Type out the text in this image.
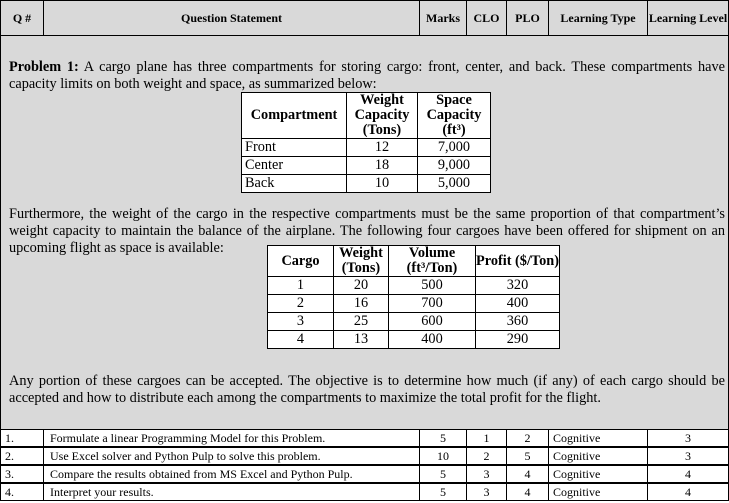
Q #	Question Statement	Marks	CLO	PLO	Learning Type	Learning Level
Problem 1: A cargo plane has three compartments for storing cargo: front, center, and back. These compartments have capacity limits on both weight and space, as summarized below:
Compartment	Weight Capacity (Tons)	Space Capacity (ft³)
Front	12	7,000
Center	18	9,000
Back	10	5,000
Furthermore, the weight of the cargo in the respective compartments must be the same proportion of that compartment’s weight capacity to maintain the balance of the airplane. The following four cargoes have been offered for shipment on an upcoming flight as space is available:
Cargo	Weight (Tons)	Volume (ft³/Ton)	Profit ($/Ton)
1	20	500	320
2	16	700	400
3	25	600	360
4	13	400	290
Any portion of these cargoes can be accepted. The objective is to determine how much (if any) of each cargo should be accepted and how to distribute each among the compartments to maximize the total profit for the flight.
1.	Formulate a linear Programming Model for this Problem.	5	1	2	Cognitive	3
2.	Use Excel solver and Python Pulp to solve this problem.	10	2	5	Cognitive	3
3.	Compare the results obtained from MS Excel and Python Pulp.	5	3	4	Cognitive	4
4.	Interpret your results.	5	3	4	Cognitive	4
